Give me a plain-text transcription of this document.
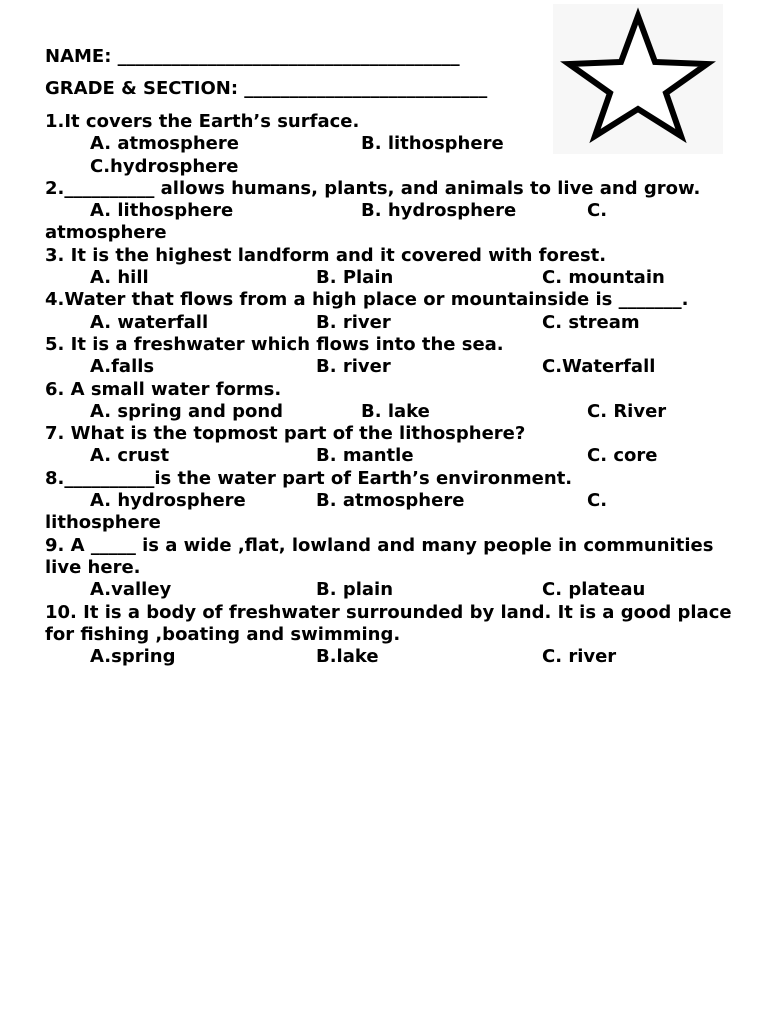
NAME: ______________________________________
GRADE & SECTION: ___________________________
1.It covers the Earth’s surface.

A. atmosphere

	B. lithosphere

C.hydrosphere

2.__________ allows humans, plants, and animals to live and grow.

A. lithosphere

	B. hydrosphere

	C.

atmosphere
3. It is the highest landform and it covered with forest.

A. hill

	B. Plain

	C. mountain

4.Water that flows from a high place or mountainside is _______.

A. waterfall

	B. river

	C. stream

5. It is a freshwater which flows into the sea.

A.falls

	B. river

	C.Waterfall

6. A small water forms.

A. spring and pond

	B. lake

	C. River

7. What is the topmost part of the lithosphere?

A. crust

	B. mantle

	C. core

8.__________is the water part of Earth’s environment.

A. hydrosphere

	B. atmosphere

	C.

lithosphere
9. A _____ is a wide ,flat, lowland and many people in communities
live here.

A.valley

	B. plain

	C. plateau

10. It is a body of freshwater surrounded by land. It is a good place
for fishing ,boating and swimming.

A.spring

	B.lake

	C. river
